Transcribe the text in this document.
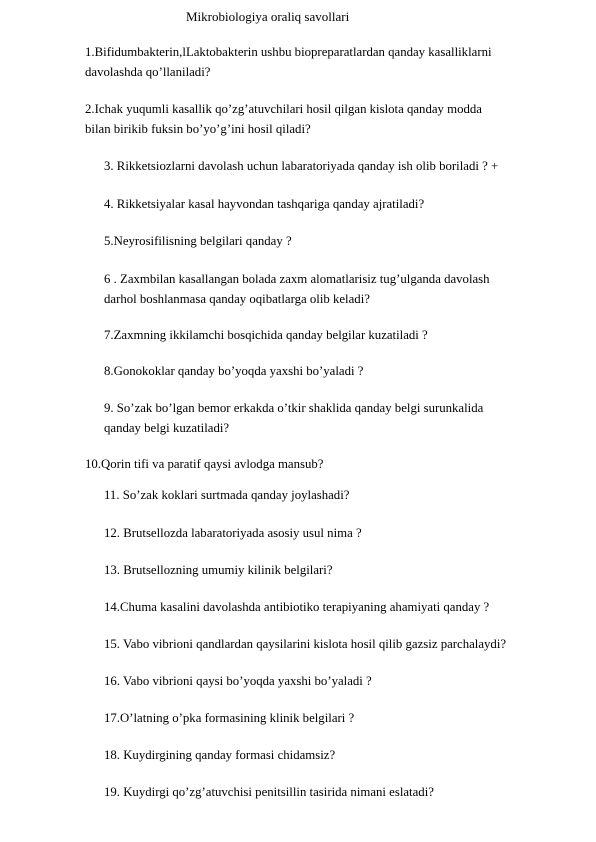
Mikrobiologiya oraliq savollari
1.Bifidumbakterin,lLaktobakterin ushbu biopreparatlardan qanday kasalliklarni
davolashda qo’llaniladi?
2.Ichak yuqumli kasallik qo’zg’atuvchilari hosil qilgan kislota qanday modda
bilan birikib fuksin bo’yo’g’ini hosil qiladi?
3. Rikketsiozlarni davolash uchun labaratoriyada qanday ish olib boriladi ? +
4. Rikketsiyalar kasal hayvondan tashqariga qanday ajratiladi?
5.Neyrosifilisning belgilari qanday ?
6 . Zaxmbilan kasallangan bolada zaxm alomatlarisiz tug’ulganda davolash
darhol boshlanmasa qanday oqibatlarga olib keladi?
7.Zaxmning ikkilamchi bosqichida qanday belgilar kuzatiladi ?
8.Gonokoklar qanday bo’yoqda yaxshi bo’yaladi ?
9. So’zak bo’lgan bemor erkakda o’tkir shaklida qanday belgi surunkalida
qanday belgi kuzatiladi?
10.Qorin tifi va paratif qaysi avlodga mansub?
11. So’zak koklari surtmada qanday joylashadi?
12. Brutsellozda labaratoriyada asosiy usul nima ?
13. Brutsellozning umumiy kilinik belgilari?
14.Chuma kasalini davolashda antibiotiko terapiyaning ahamiyati qanday ?
15. Vabo vibrioni qandlardan qaysilarini kislota hosil qilib gazsiz parchalaydi?
16. Vabo vibrioni qaysi bo’yoqda yaxshi bo’yaladi ?
17.O’latning o’pka formasining klinik belgilari ?
18. Kuydirgining qanday formasi chidamsiz?
19. Kuydirgi qo’zg’atuvchisi penitsillin tasirida nimani eslatadi?
